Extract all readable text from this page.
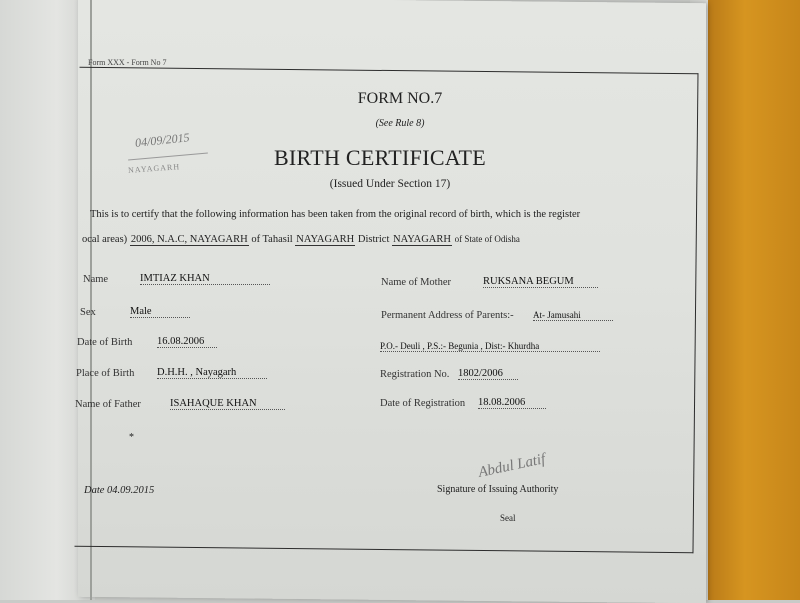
Form XXX - Form No 7
FORM NO.7
(See Rule 8)
BIRTH CERTIFICATE
(Issued Under Section 17)
04/09/2015
NAYAGARH
This is to certify that the following information has been taken from the original record of birth, which is the register
ocal areas) 2006, N.A.C, NAYAGARH of Tahasil NAYAGARH District NAYAGARH of State of Odisha
Name	IMTIAZ KHAN
Sex	Male
Date of Birth 16.08.2006
Place of Birth D.H.H. , Nayagarh
Name of Father	ISAHAQUE KHAN
*
Name of Mother	RUKSANA BEGUM
Permanent Address of Parents:- At- Jamusahi
P.O.- Deuli , P.S.:- Begunia , Dist:- Khurdha
Registration No. 1802/2006
Date of Registration 18.08.2006
Date 04.09.2015
Abdul Latif
Signature of Issuing Authority
Seal
